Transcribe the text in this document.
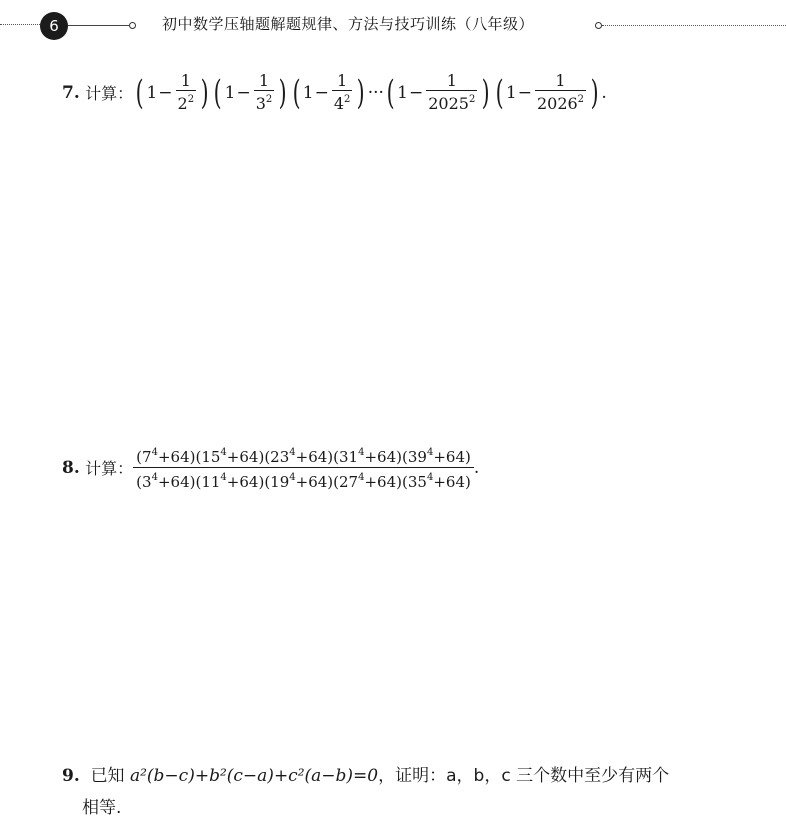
6	初中数学压轴题解题规律、方法与技巧训练（八年级）
7.
计算： ( $1 - \frac{1}{2^2}$ ) ( $1 - \frac{1}{3^2}$ ) ( $1 - \frac{1}{4^2}$ ) ··· ( $1 - \frac{1}{2025^2}$ ) ( $1 - \frac{1}{2026^2}$ ) .
8.
计算： $\frac{(7^4+64)(15^4+64)(23^4+64)(31^4+64)(39^4+64)}{(3^4+64)(11^4+64)(19^4+64)(27^4+64)(35^4+64)}$ .
9. 已知 a²(b−c)+b²(c−a)+c²(a−b)=0，证明：a，b，c 三个数中至少有两个
相等.
